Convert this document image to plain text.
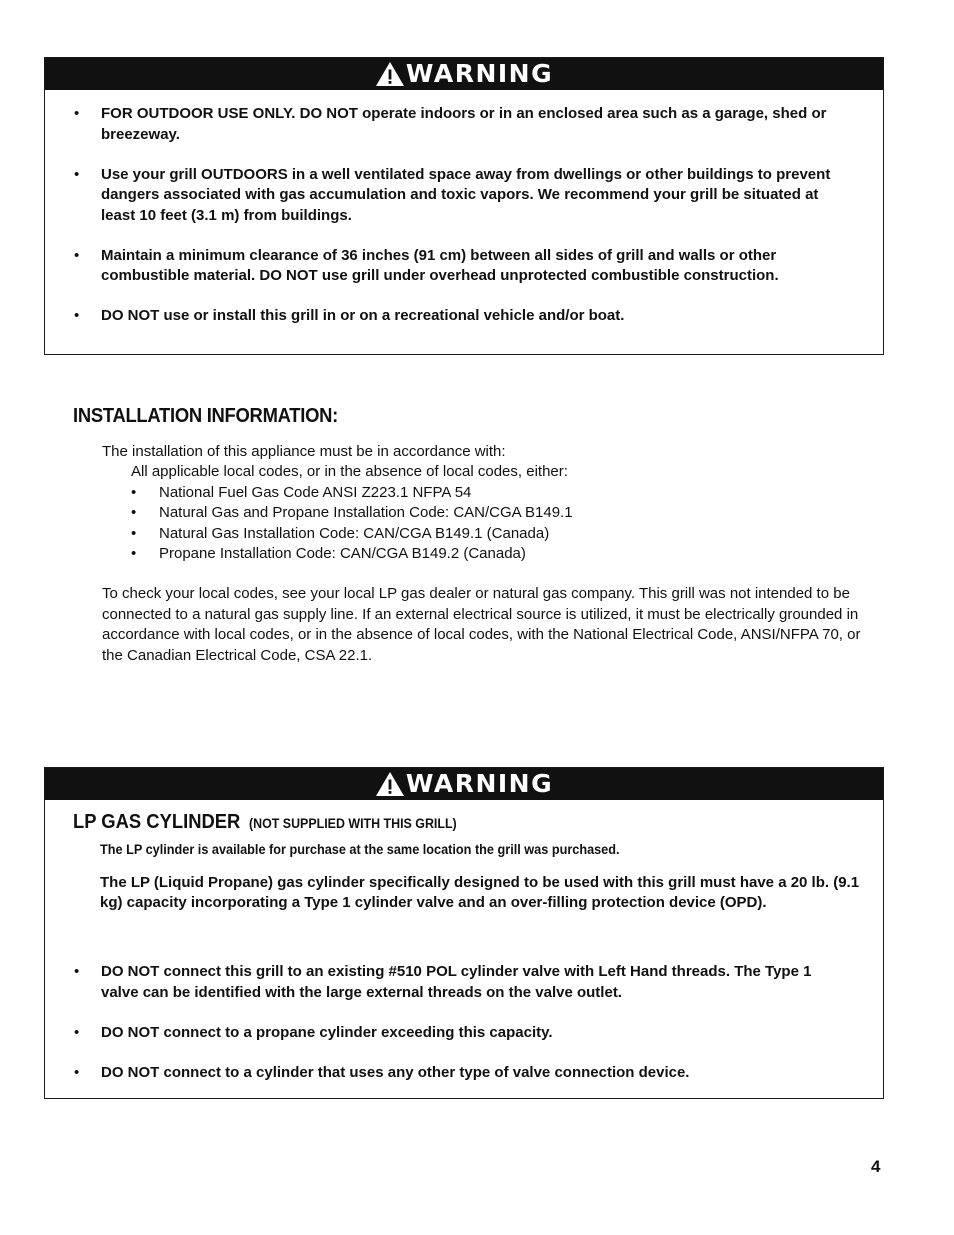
WARNING
• FOR OUTDOOR USE ONLY. DO NOT operate indoors or in an enclosed area such as a garage, shed or breezeway.
• Use your grill OUTDOORS in a well ventilated space away from dwellings or other buildings to prevent dangers associated with gas accumulation and toxic vapors. We recommend your grill be situated at least 10 feet (3.1 m) from buildings.
• Maintain a minimum clearance of 36 inches (91 cm) between all sides of grill and walls or other combustible material. DO NOT use grill under overhead unprotected combustible construction.
• DO NOT use or install this grill in or on a recreational vehicle and/or boat.
INSTALLATION INFORMATION:

The installation of this appliance must be in accordance with:

All applicable local codes, or in the absence of local codes, either:

• National Fuel Gas Code ANSI Z223.1 NFPA 54
• Natural Gas and Propane Installation Code: CAN/CGA B149.1
• Natural Gas Installation Code: CAN/CGA B149.1 (Canada)
• Propane Installation Code: CAN/CGA B149.2 (Canada)

To check your local codes, see your local LP gas dealer or natural gas company. This grill was not intended to be connected to a natural gas supply line. If an external electrical source is utilized, it must be electrically grounded in accordance with local codes, or in the absence of local codes, with the National Electrical Code, ANSI/NFPA 70, or the Canadian Electrical Code, CSA 22.1.

WARNING
• DO NOT connect this grill to an existing #510 POL cylinder valve with Left Hand threads. The Type 1 valve can be identified with the large external threads on the valve outlet.
• DO NOT connect to a propane cylinder exceeding this capacity.
• DO NOT connect to a cylinder that uses any other type of valve connection device.
LP GAS CYLINDER (NOT SUPPLIED WITH THIS GRILL)
The LP cylinder is available for purchase at the same location the grill was purchased.

The LP (Liquid Propane) gas cylinder specifically designed to be used with this grill must have a 20 lb. (9.1 kg) capacity incorporating a Type 1 cylinder valve and an over-filling protection device (OPD).

4
